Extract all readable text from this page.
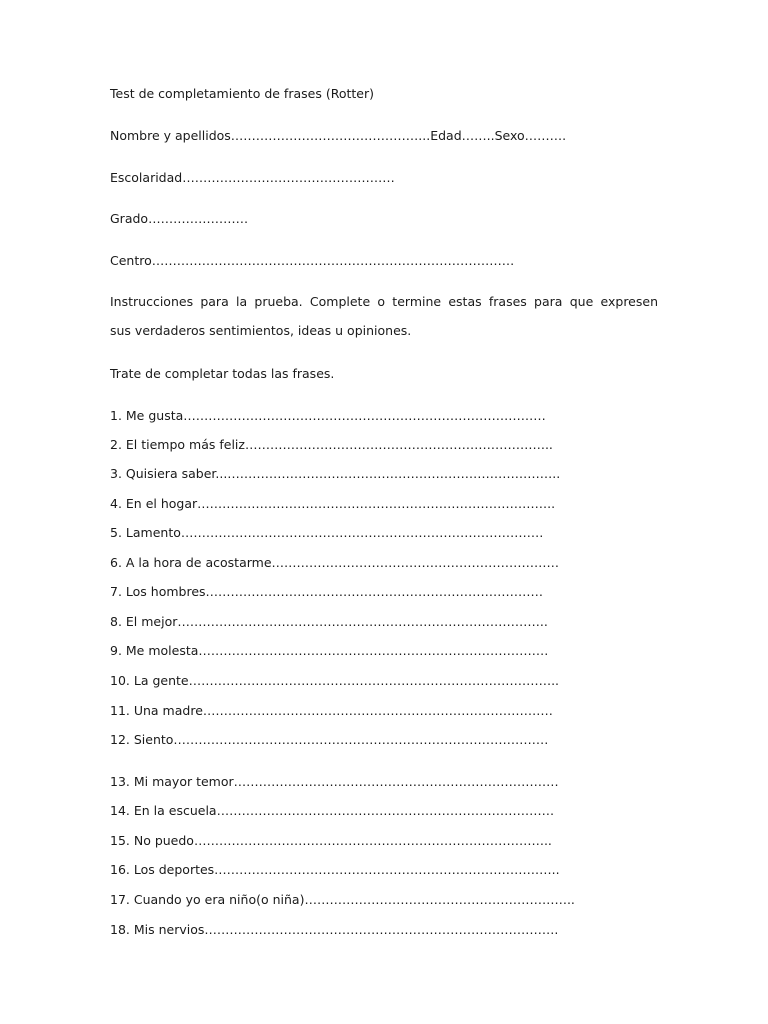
Test de completamiento de frases (Rotter)

Nombre y apellidos………………………………………...Edad……..Sexo……….

Escolaridad……………………………………………

Grado……………………

Centro……………………………………………………………………………

Instrucciones para la prueba. Complete o termine estas frases para que expresen

sus verdaderos sentimientos, ideas u opiniones.

Trate de completar todas las frases.

1. Me gusta……………………………………………………………………………

2. El tiempo más feliz………………………………………………………………..

3. Quisiera saber...……………………………………………………………………..

4. En el hogar…………………………………………………………………………..

5. Lamento……………………………………………………………………………

6. A la hora de acostarme……………………………………………………………

7. Los hombres………………………………………………………………………

8. El mejor……………………………………………………………………………..

9. Me molesta…………………………………………………………………………

10. La gente……………………………………………………………………………..

11. Una madre…………………………………………………………………………

12. Siento………………………………………………………………………………

13. Mi mayor temor……………………………………………………………………

14. En la escuela………………………………………………………………………

15. No puedo…………………………………………………………………………..

16. Los deportes………………………………………………………………………..

17. Cuando yo era niño(o niña)………………………………………………………..

18. Mis nervios………………………………………………………………………….
